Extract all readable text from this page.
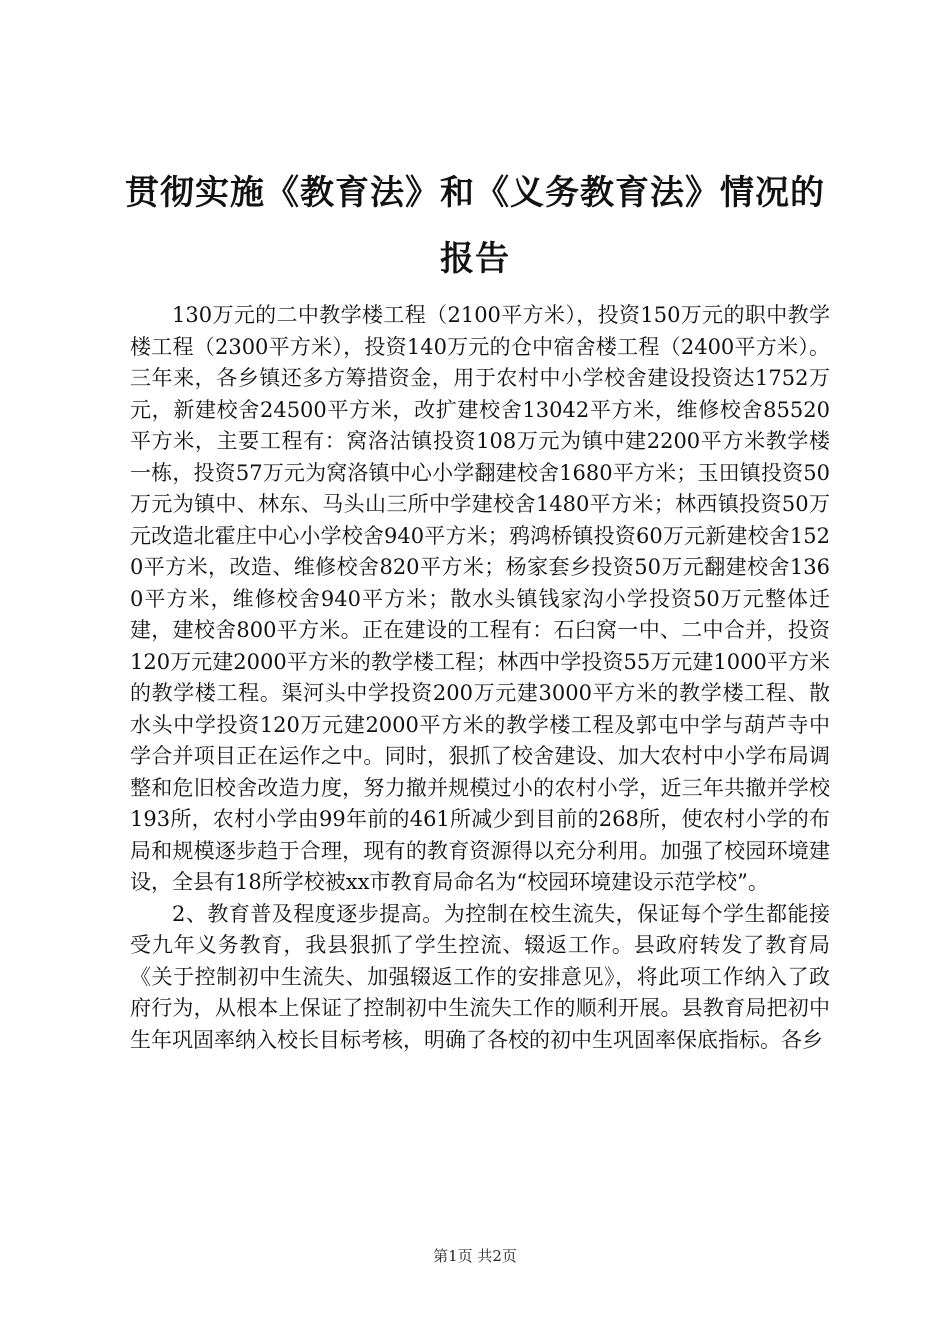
贯彻实施《教育法》和《义务教育法》情况的报告

130万元的二中教学楼工程（2100平方米），投资150万元的职中教学楼工程（2300平方米），投资140万元的仓中宿舍楼工程（2400平方米）。三年来，各乡镇还多方筹措资金，用于农村中小学校舍建设投资达1752万元，新建校舍24500平方米，改扩建校舍13042平方米，维修校舍85520平方米，主要工程有：窝洛沽镇投资108万元为镇中建2200平方米教学楼一栋，投资57万元为窝洛镇中心小学翻建校舍1680平方米；玉田镇投资50万元为镇中、林东、马头山三所中学建校舍1480平方米；林西镇投资50万元改造北霍庄中心小学校舍940平方米；鸦鸿桥镇投资60万元新建校舍1520平方米，改造、维修校舍820平方米；杨家套乡投资50万元翻建校舍1360平方米，维修校舍940平方米；散水头镇钱家沟小学投资50万元整体迁建，建校舍800平方米。正在建设的工程有：石臼窝一中、二中合并，投资120万元建2000平方米的教学楼工程；林西中学投资55万元建1000平方米的教学楼工程。渠河头中学投资200万元建3000平方米的教学楼工程、散水头中学投资120万元建2000平方米的教学楼工程及郭屯中学与葫芦寺中学合并项目正在运作之中。同时，狠抓了校舍建设、加大农村中小学布局调整和危旧校舍改造力度，努力撤并规模过小的农村小学，近三年共撤并学校193所，农村小学由99年前的461所减少到目前的268所，使农村小学的布局和规模逐步趋于合理，现有的教育资源得以充分利用。加强了校园环境建设，全县有18所学校被xx市教育局命名为“校园环境建设示范学校”。

2、教育普及程度逐步提高。为控制在校生流失，保证每个学生都能接受九年义务教育，我县狠抓了学生控流、辍返工作。县政府转发了教育局《关于控制初中生流失、加强辍返工作的安排意见》，将此项工作纳入了政府行为，从根本上保证了控制初中生流失工作的顺利开展。县教育局把初中生年巩固率纳入校长目标考核，明确了各校的初中生巩固率保底指标。各乡

第1页 共2页
